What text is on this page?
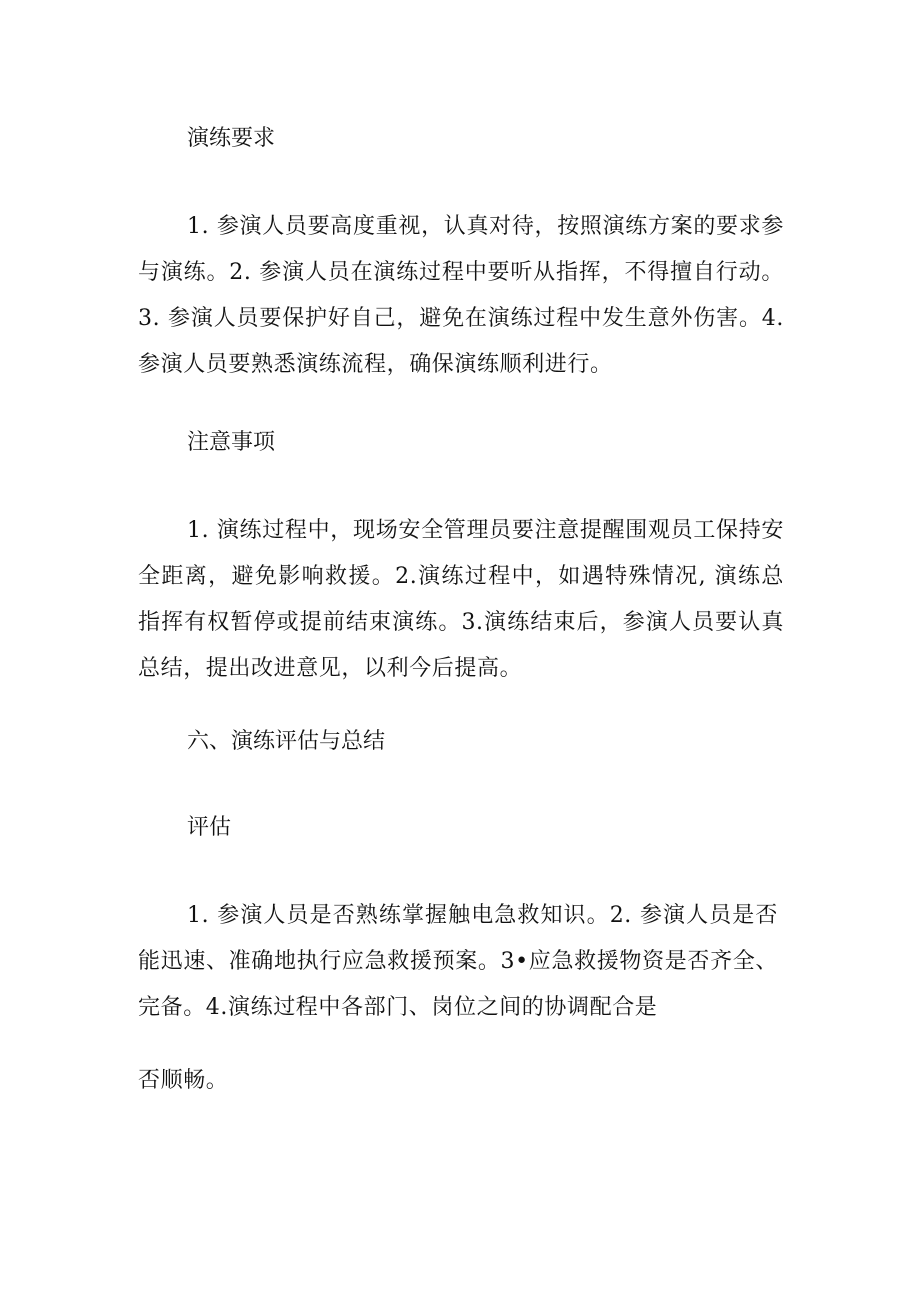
演练要求
1. 参演人员要高度重视，认真对待，按照演练方案的要求参与演练。2. 参演人员在演练过程中要听从指挥，不得擅自行动。3. 参演人员要保护好自己，避免在演练过程中发生意外伤害。4. 参演人员要熟悉演练流程，确保演练顺利进行。
注意事项
1. 演练过程中，现场安全管理员要注意提醒围观员工保持安全距离，避免影响救援。2.演练过程中，如遇特殊情况, 演练总指挥有权暂停或提前结束演练。3.演练结束后，参演人员要认真总结，提出改进意见，以利今后提高。
六、演练评估与总结
评估
1. 参演人员是否熟练掌握触电急救知识。2. 参演人员是否能迅速、准确地执行应急救援预案。3•应急救援物资是否齐全、完备。4.演练过程中各部门、岗位之间的协调配合是
否顺畅。
